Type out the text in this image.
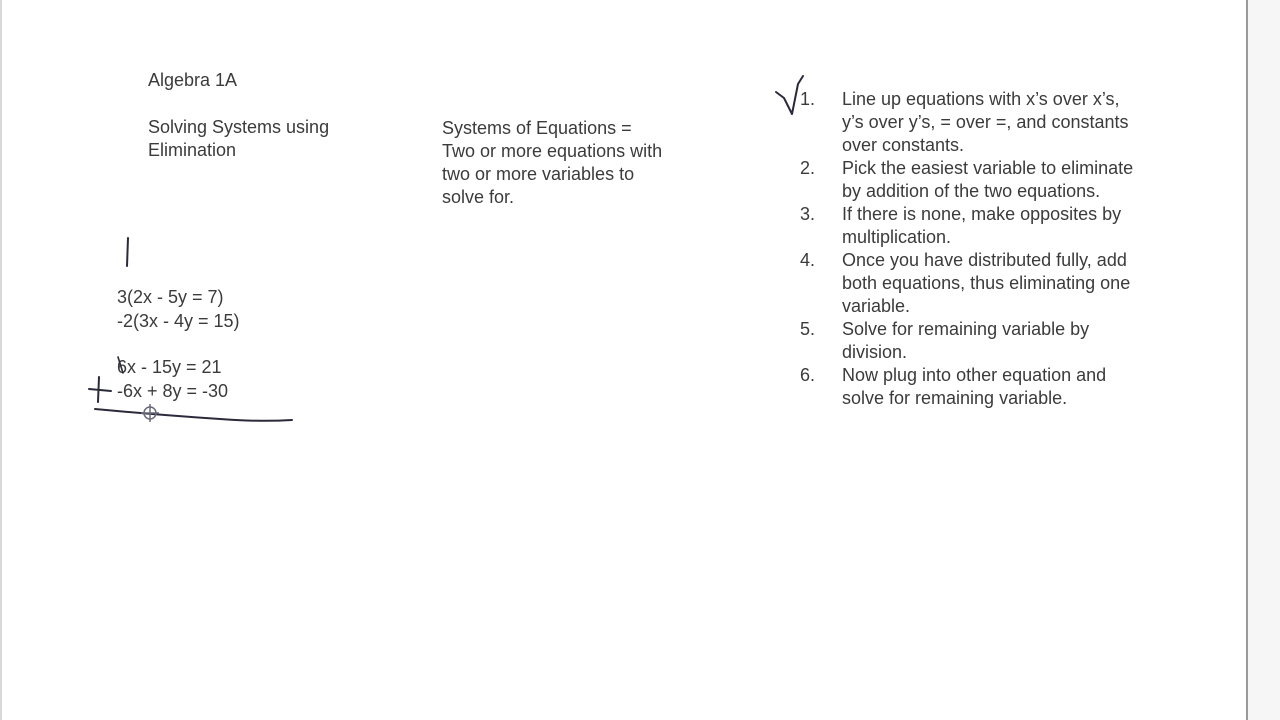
Algebra 1A
Solving Systems using
Elimination
Systems of Equations =
Two or more equations with
two or more variables to
solve for.
3(2x - 5y = 7)
-2(3x - 4y = 15)
6x - 15y = 21
-6x + 8y = -30
1. Line up equations with x’s over x’s,
y’s over y’s, = over =, and constants
over constants.
2. Pick the easiest variable to eliminate
by addition of the two equations.
3. If there is none, make opposites by
multiplication.
4. Once you have distributed fully, add
both equations, thus eliminating one
variable.
5. Solve for remaining variable by
division.
6. Now plug into other equation and
solve for remaining variable.
